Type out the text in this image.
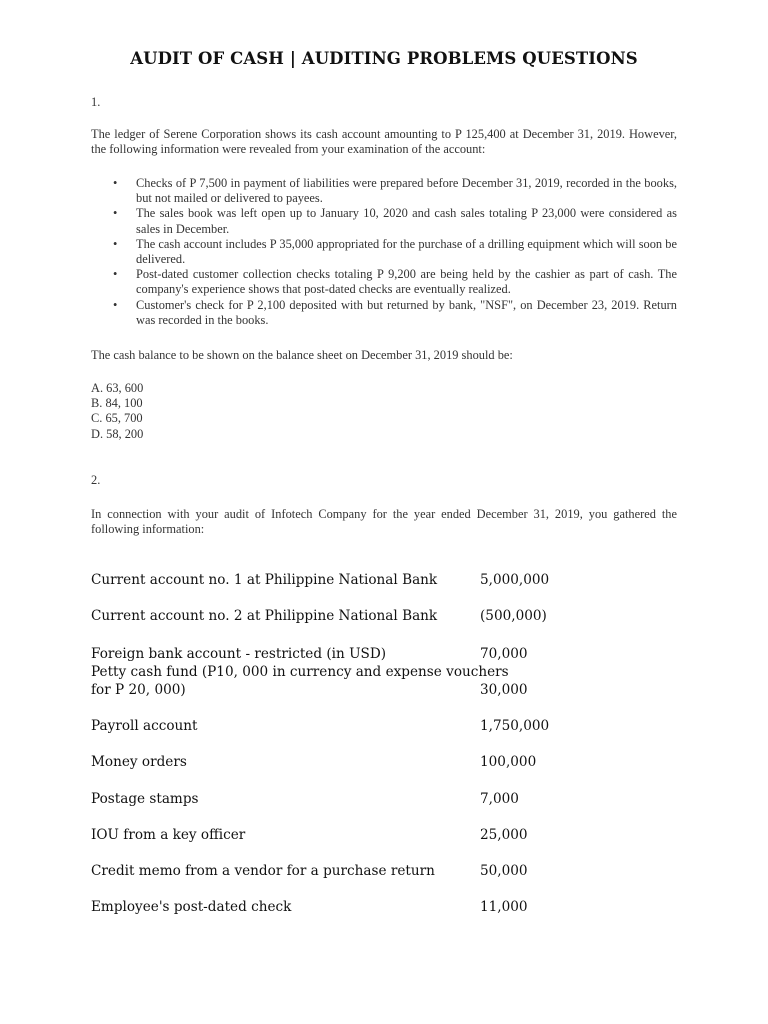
AUDIT OF CASH | AUDITING PROBLEMS QUESTIONS
1.
The ledger of Serene Corporation shows its cash account amounting to P 125,400 at December 31, 2019. However, the following information were revealed from your examination of the account:
• Checks of P 7,500 in payment of liabilities were prepared before December 31, 2019, recorded in the books, but not mailed or delivered to payees.
• The sales book was left open up to January 10, 2020 and cash sales totaling P 23,000 were considered as sales in December.
• The cash account includes P 35,000 appropriated for the purchase of a drilling equipment which will soon be delivered.
• Post-dated customer collection checks totaling P 9,200 are being held by the cashier as part of cash. The company's experience shows that post-dated checks are eventually realized.
• Customer's check for P 2,100 deposited with but returned by bank, "NSF", on December 23, 2019. Return was recorded in the books.
The cash balance to be shown on the balance sheet on December 31, 2019 should be:
A. 63, 600
B. 84, 100
C. 65, 700
D. 58, 200
2.
In connection with your audit of Infotech Company for the year ended December 31, 2019, you gathered the following information:
Current account no. 1 at Philippine National Bank	5,000,000
Current account no. 2 at Philippine National Bank	(500,000)
Foreign bank account - restricted (in USD)	70,000
Petty cash fund (P10, 000 in currency and expense vouchers
for P 20, 000)	30,000
Payroll account	1,750,000
Money orders	100,000
Postage stamps	7,000
IOU from a key officer	25,000
Credit memo from a vendor for a purchase return	50,000
Employee's post-dated check	11,000
